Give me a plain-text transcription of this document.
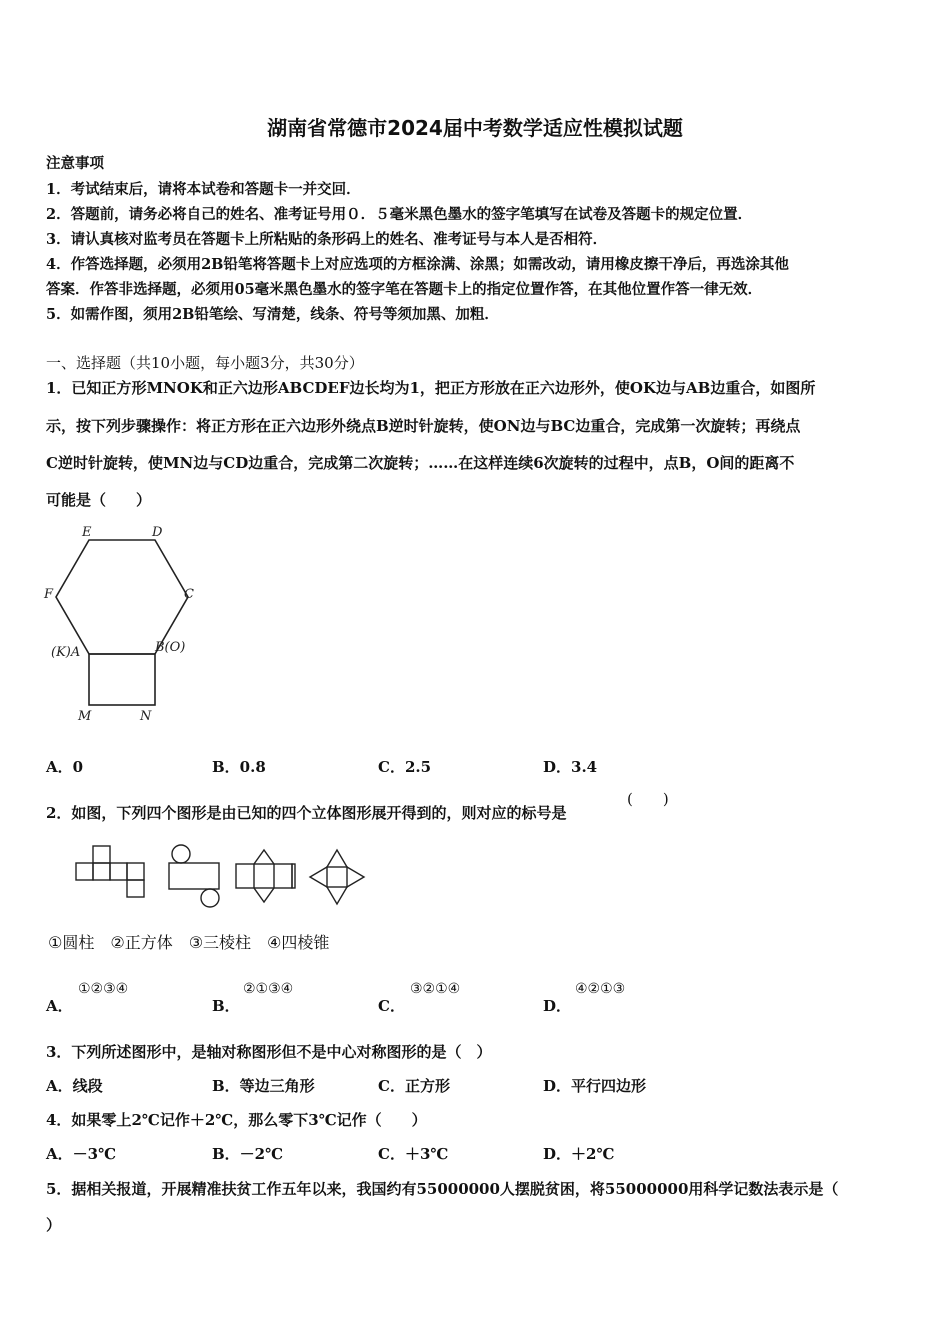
湖南省常德市2024届中考数学适应性模拟试题
注意事项
1．考试结束后，请将本试卷和答题卡一并交回．
2．答题前，请务必将自己的姓名、准考证号用０．５毫米黑色墨水的签字笔填写在试卷及答题卡的规定位置．
3．请认真核对监考员在答题卡上所粘贴的条形码上的姓名、准考证号与本人是否相符．
4．作答选择题，必须用2B铅笔将答题卡上对应选项的方框涂满、涂黑；如需改动，请用橡皮擦干净后，再选涂其他
答案．作答非选择题，必须用05毫米黑色墨水的签字笔在答题卡上的指定位置作答，在其他位置作答一律无效．
5．如需作图，须用2B铅笔绘、写清楚，线条、符号等须加黑、加粗．
一、选择题（共10小题，每小题3分，共30分）
1．已知正方形MNOK和正六边形ABCDEF边长均为1，把正方形放在正六边形外，使OK边与AB边重合，如图所
示，按下列步骤操作：将正方形在正六边形外绕点B逆时针旋转，使ON边与BC边重合，完成第一次旋转；再绕点
C逆时针旋转，使MN边与CD边重合，完成第二次旋转；……在这样连续6次旋转的过程中，点B，O间的距离不
可能是（　　）
E	D
F	C
(K)A	B(O)
M	N
A．0	B．0.8	C．2.5	D．3.4
2．如图，下列四个图形是由已知的四个立体图形展开得到的，则对应的标号是
(　　)
①圆柱　②正方体　③三棱柱　④四棱锥
A．
①②③④
B．
②①③④
C．
③②①④
D．
④②①③
3．下列所述图形中，是轴对称图形但不是中心对称图形的是（　）
A．线段	B．等边三角形	C．正方形	D．平行四边形
4．如果零上2℃记作＋2℃，那么零下3℃记作（　　）
A．－3℃	B．－2℃	C．＋3℃	D．＋2℃
5．据相关报道，开展精准扶贫工作五年以来，我国约有55000000人摆脱贫困，将55000000用科学记数法表示是（
）
